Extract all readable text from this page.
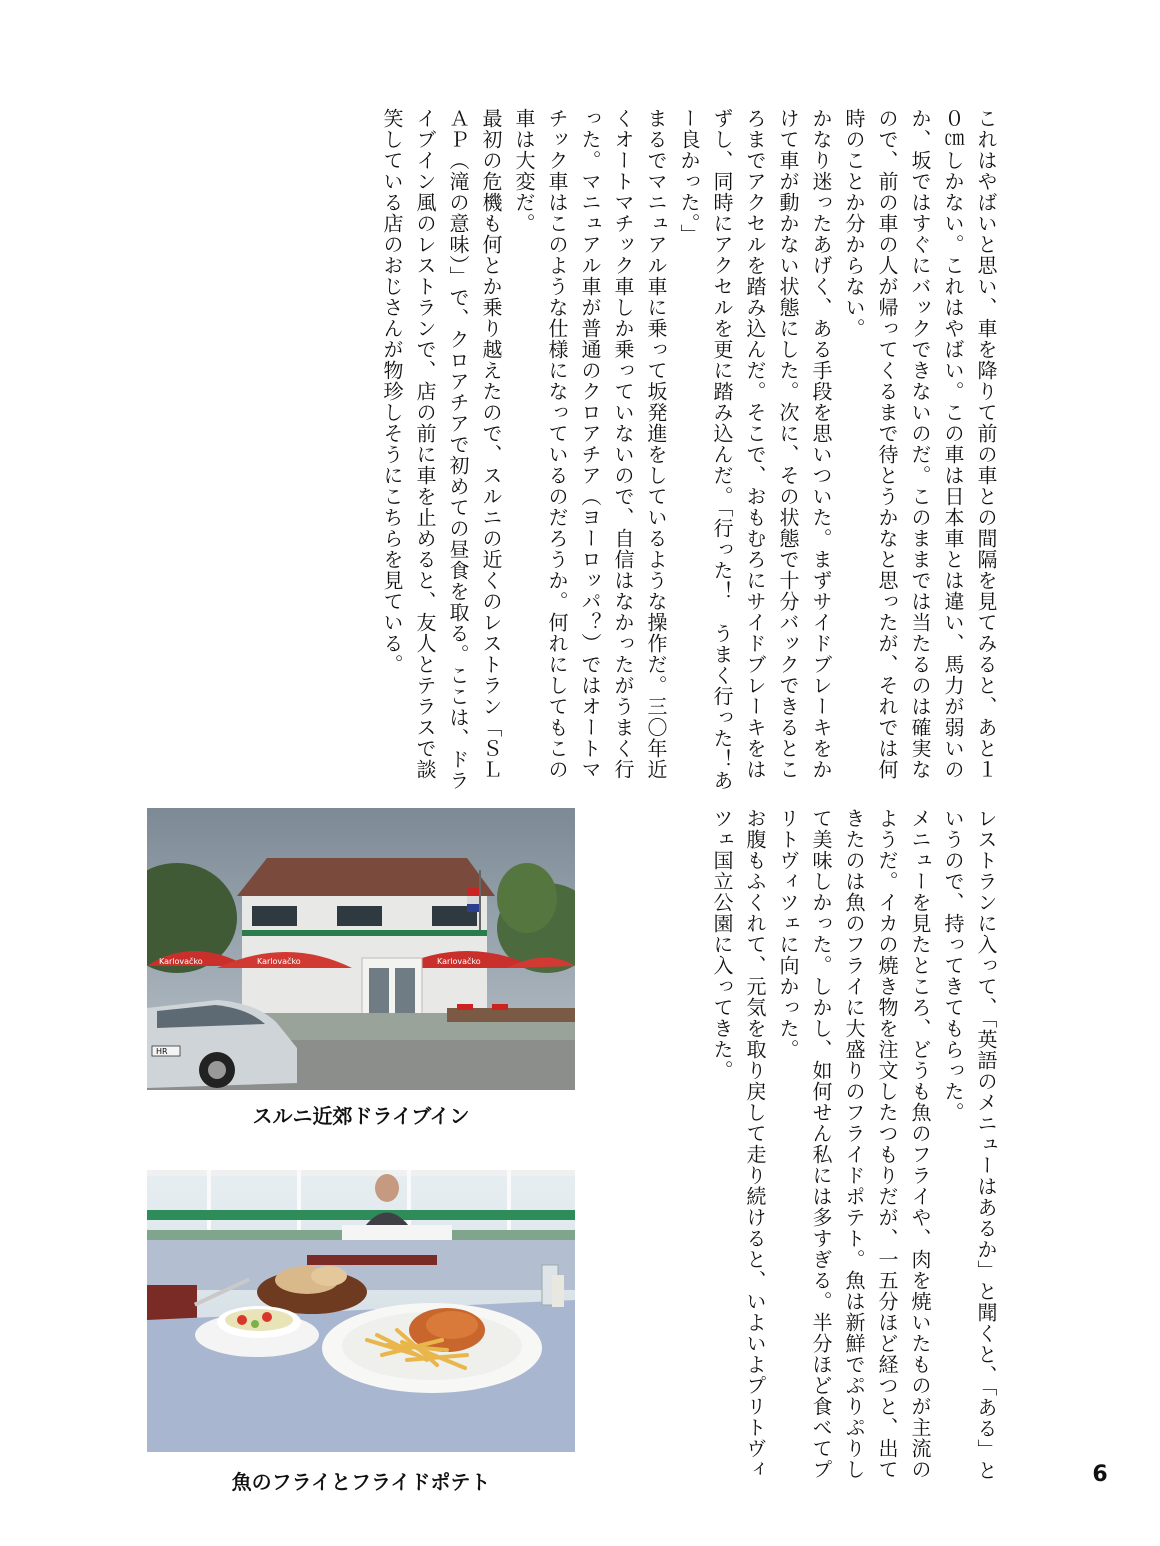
これはやばいと思い、車を降りて前の車との間隔を見てみると、あと１０㎝しかない。これはやばい。この車は日本車とは違い、馬力が弱いのか、坂ではすぐにバックできないのだ。このままでは当たるのは確実なので、前の車の人が帰ってくるまで待とうかなと思ったが、それでは何時のことか分からない。

かなり迷ったあげく、ある手段を思いついた。まずサイドブレーキをかけて車が動かない状態にした。次に、その状態で十分バックできるところまでアクセルを踏み込んだ。そこで、おもむろにサイドブレーキをはずし、同時にアクセルを更に踏み込んだ。「行った！　うまく行った！あー良かった。」

まるでマニュアル車に乗って坂発進をしているような操作だ。三〇年近くオートマチック車しか乗っていないので、自信はなかったがうまく行った。マニュアル車が普通のクロアチア（ヨーロッパ？）ではオートマチック車はこのような仕様になっているのだろうか。何れにしてもこの車は大変だ。

最初の危機も何とか乗り越えたので、スルニの近くのレストラン「ＳＬＡＰ（滝の意味）」で、クロアチアで初めての昼食を取る。ここは、ドライブイン風のレストランで、店の前に車を止めると、友人とテラスで談笑している店のおじさんが物珍しそうにこちらを見ている。

レストランに入って、「英語のメニューはあるか」と聞くと、「ある」というので、持ってきてもらった。

メニューを見たところ、どうも魚のフライや、肉を焼いたものが主流のようだ。イカの焼き物を注文したつもりだが、一五分ほど経つと、出てきたのは魚のフライに大盛りのフライドポテト。魚は新鮮でぷりぷりして美味しかった。しかし、如何せん私には多すぎる。半分ほど食べてプリトヴィツェに向かった。

お腹もふくれて、元気を取り戻して走り続けると、いよいよプリトヴィツェ国立公園に入ってきた。

Karlovačko	Karlovačko	Karlovačko
HR
スルニ近郊ドライブイン
魚のフライとフライドポテト	6
